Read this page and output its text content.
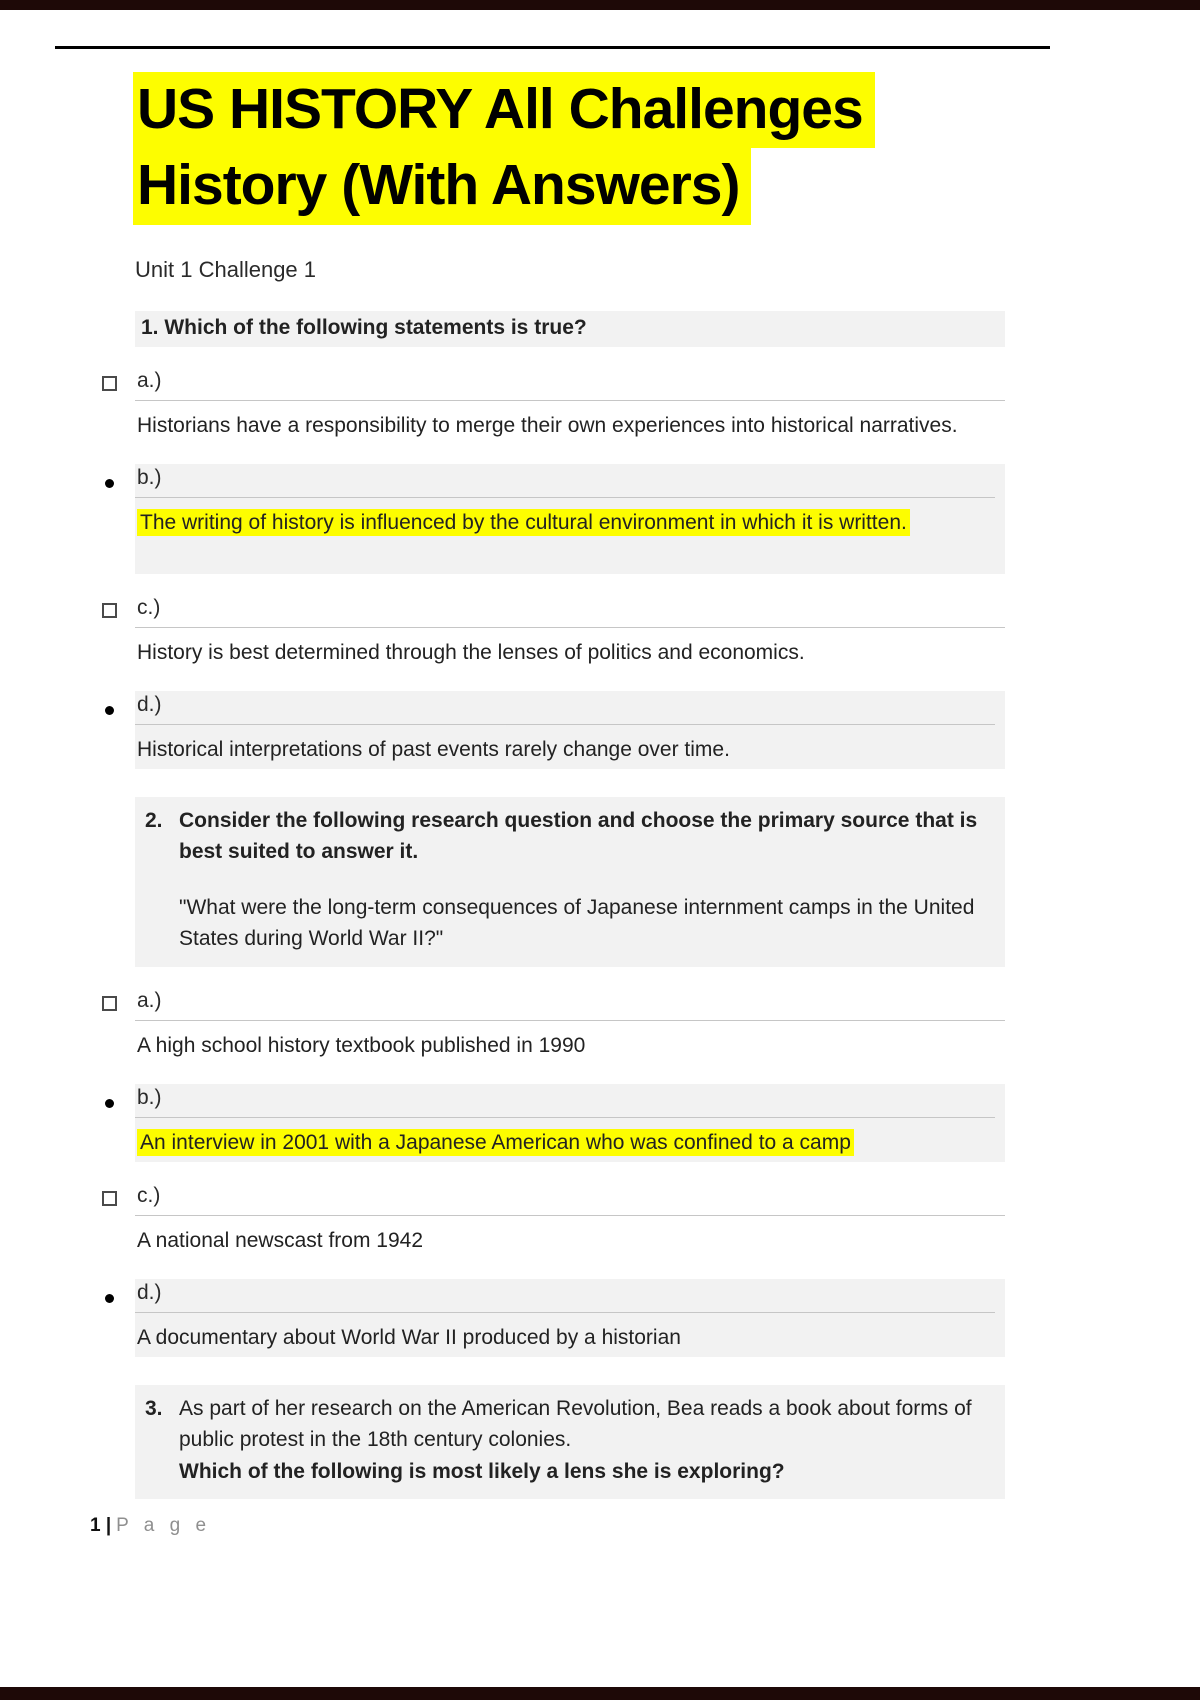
US HISTORY All Challenges
History (With Answers)
Unit 1 Challenge 1
1. Which of the following statements is true?
a.)
Historians have a responsibility to merge their own experiences into historical narratives.
b.)
The writing of history is influenced by the cultural environment in which it is written.
c.)
History is best determined through the lenses of politics and economics.
d.)
Historical interpretations of past events rarely change over time.
2. Consider the following research question and choose the primary source that is best suited to answer it.
"What were the long-term consequences of Japanese internment camps in the United States during World War II?"
a.)
A high school history textbook published in 1990
b.)
An interview in 2001 with a Japanese American who was confined to a camp
c.)
A national newscast from 1942
d.)
A documentary about World War II produced by a historian
3. As part of her research on the American Revolution, Bea reads a book about forms of public protest in the 18th century colonies.
Which of the following is most likely a lens she is exploring?
1 | P a g e
